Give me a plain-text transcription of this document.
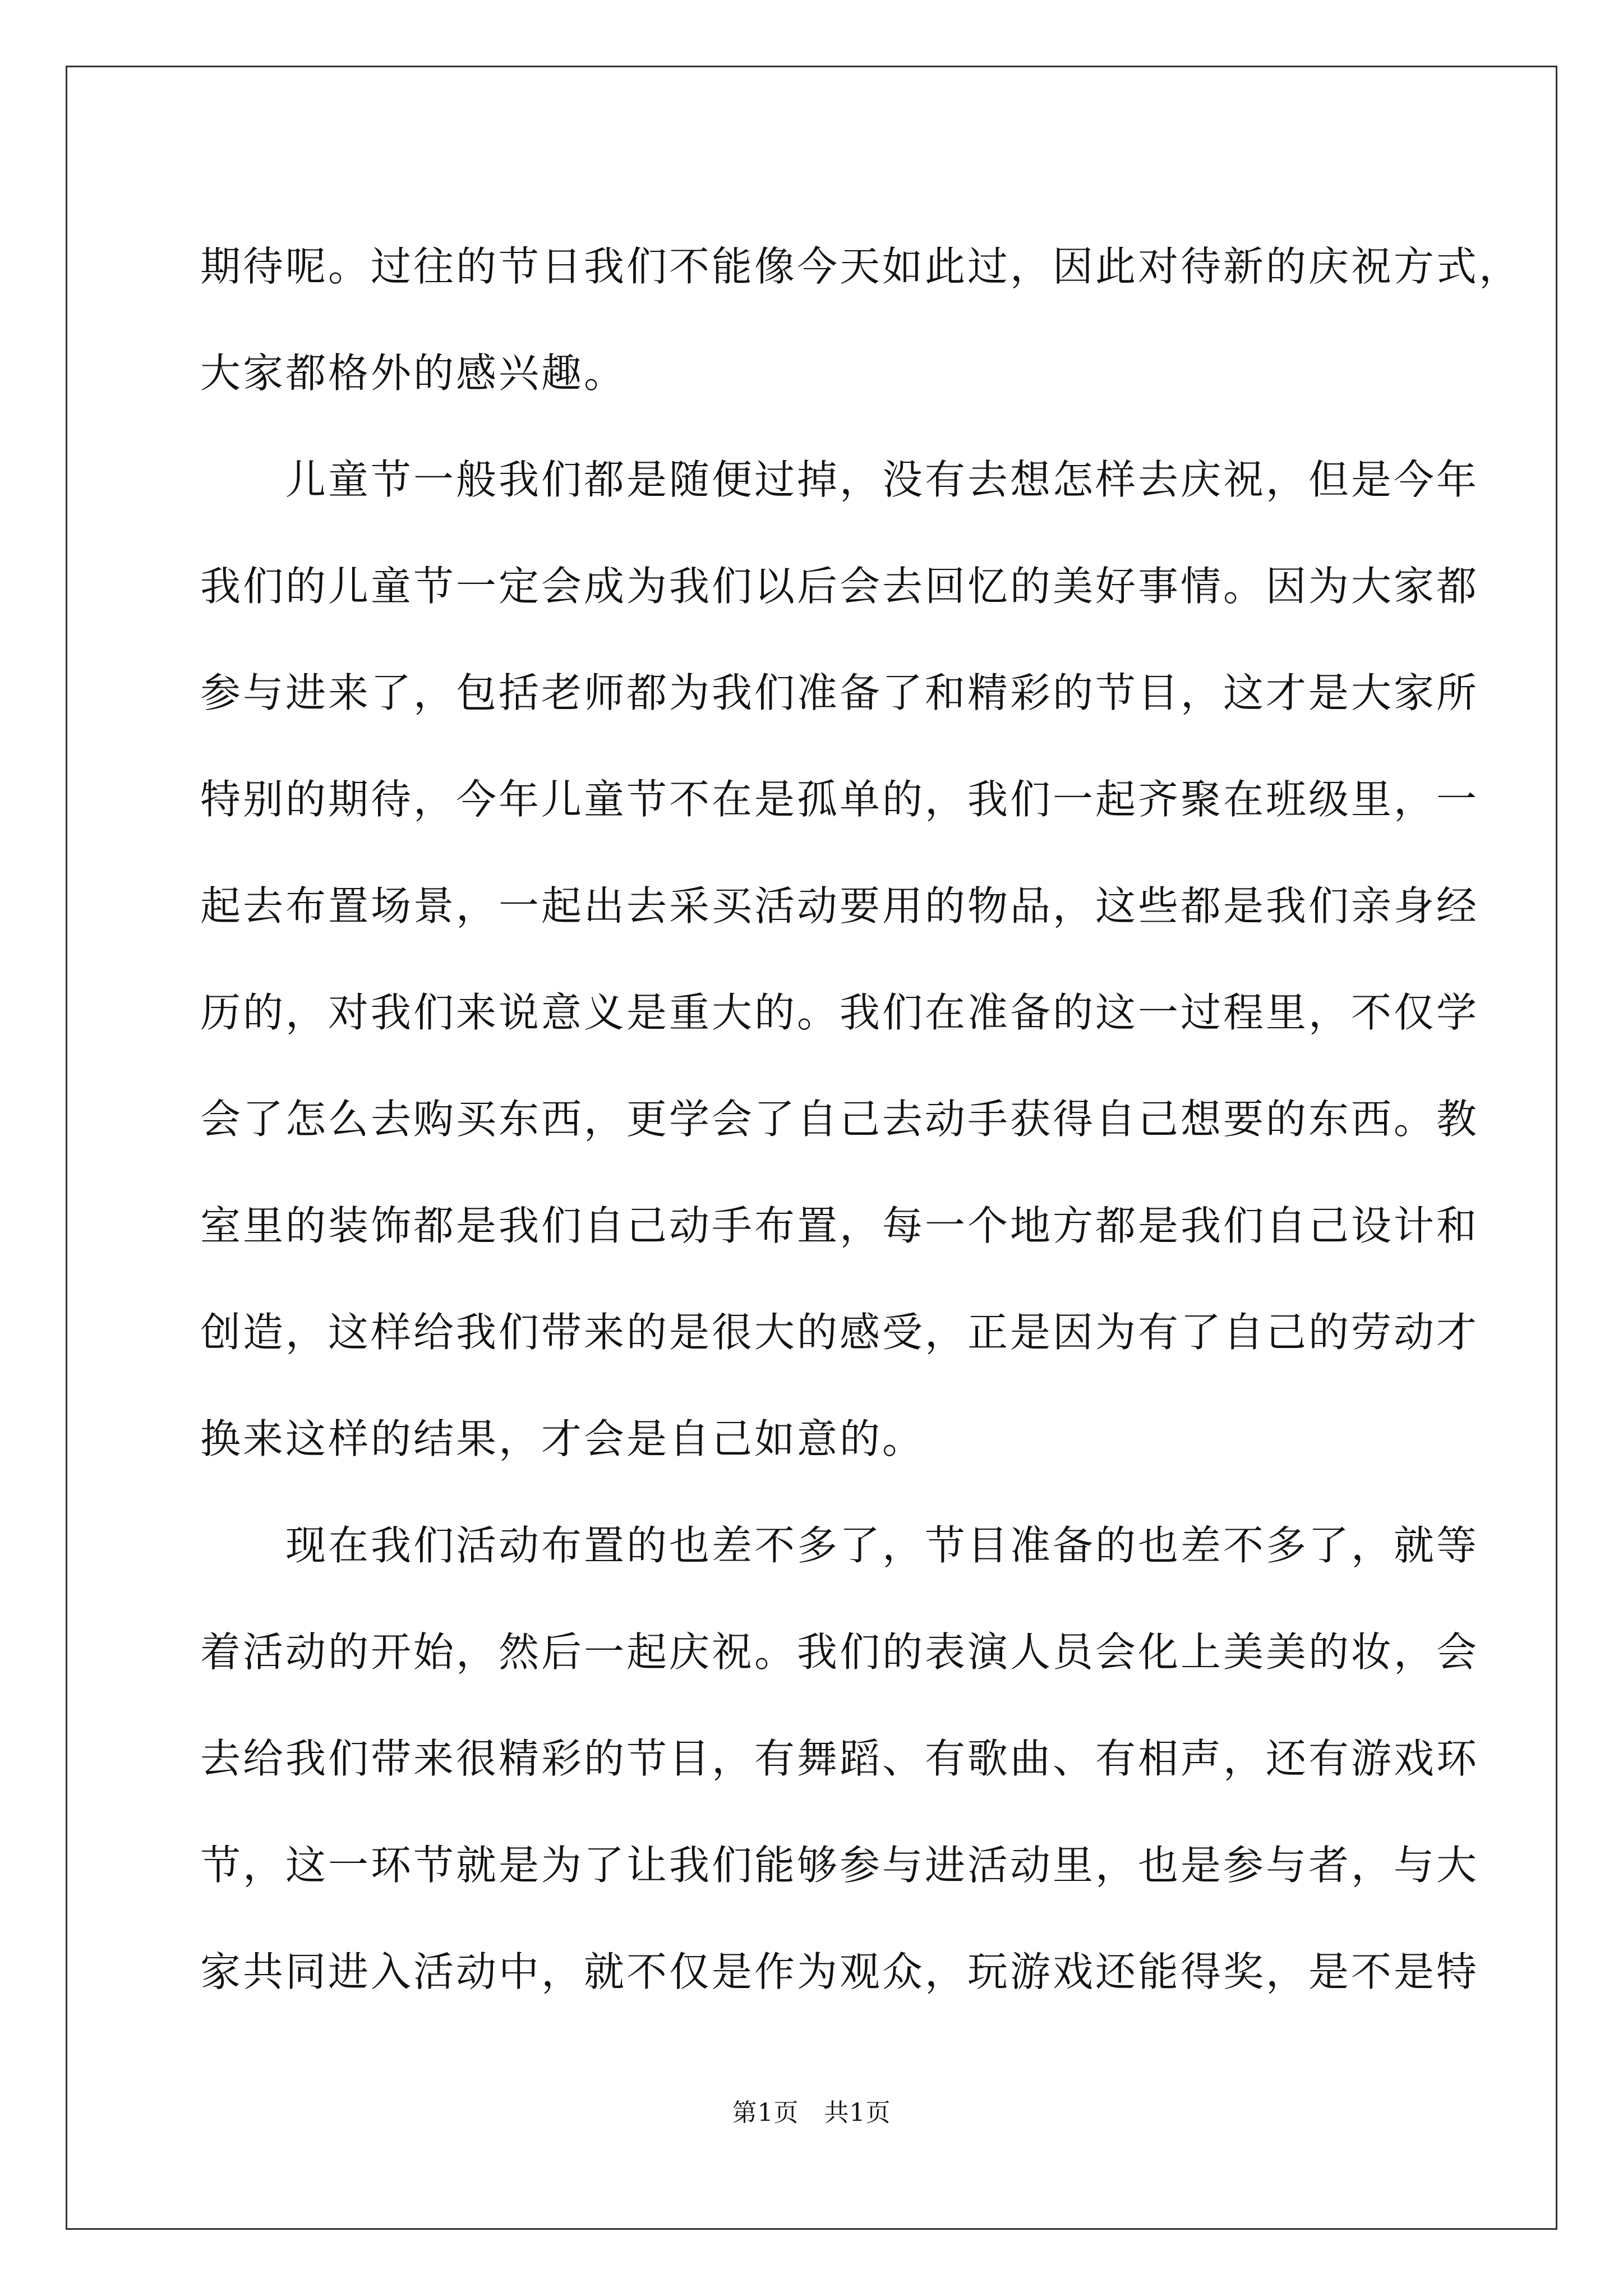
期待呢。过往的节日我们不能像今天如此过，因此对待新的庆祝方式，
大家都格外的感兴趣。
　　儿童节一般我们都是随便过掉，没有去想怎样去庆祝，但是今年
我们的儿童节一定会成为我们以后会去回忆的美好事情。因为大家都
参与进来了，包括老师都为我们准备了和精彩的节目，这才是大家所
特别的期待，今年儿童节不在是孤单的，我们一起齐聚在班级里，一
起去布置场景，一起出去采买活动要用的物品，这些都是我们亲身经
历的，对我们来说意义是重大的。我们在准备的这一过程里，不仅学
会了怎么去购买东西，更学会了自己去动手获得自己想要的东西。教
室里的装饰都是我们自己动手布置，每一个地方都是我们自己设计和
创造，这样给我们带来的是很大的感受，正是因为有了自己的劳动才
换来这样的结果，才会是自己如意的。
　　现在我们活动布置的也差不多了，节目准备的也差不多了，就等
着活动的开始，然后一起庆祝。我们的表演人员会化上美美的妆，会
去给我们带来很精彩的节目，有舞蹈、有歌曲、有相声，还有游戏环
节，这一环节就是为了让我们能够参与进活动里，也是参与者，与大
家共同进入活动中，就不仅是作为观众，玩游戏还能得奖，是不是特
第1页　共1页
